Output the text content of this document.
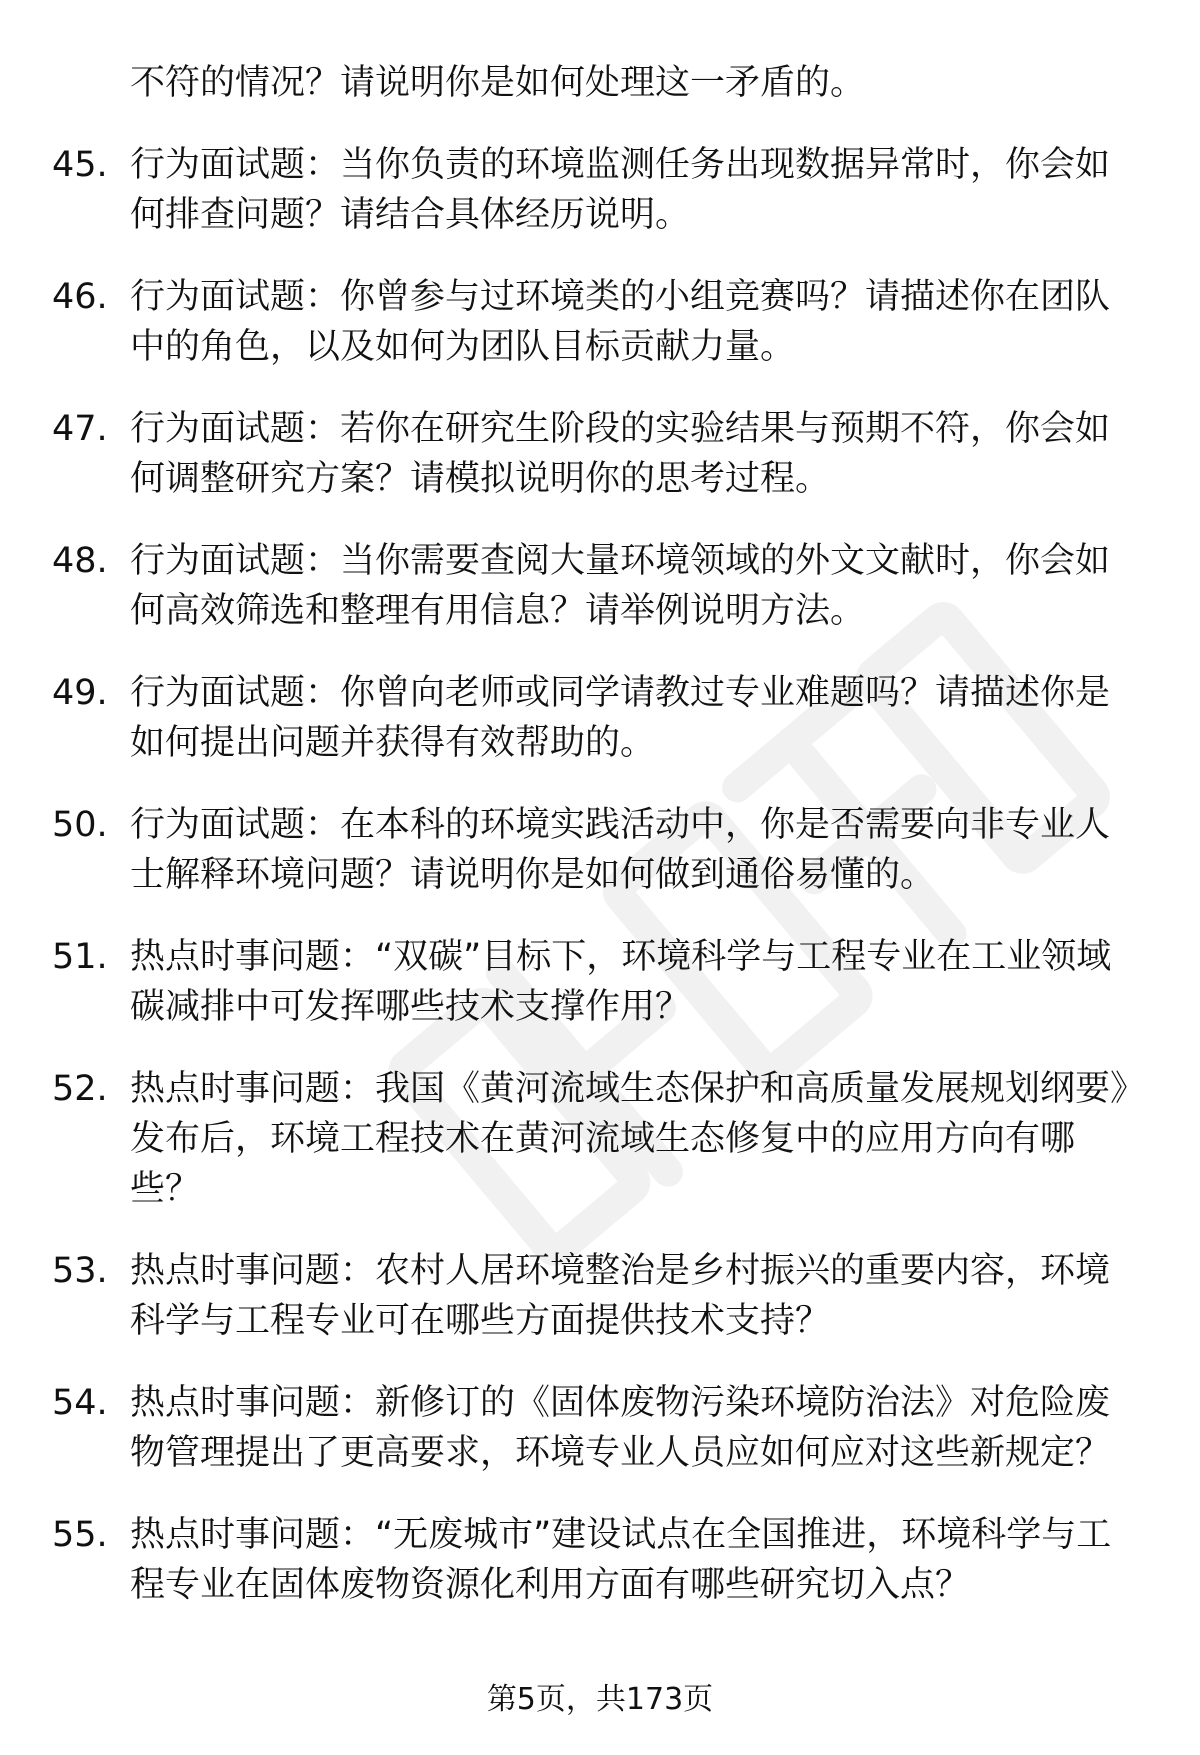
不符的情况？请说明你是如何处理这一矛盾的。

45. 行为面试题：当你负责的环境监测任务出现数据异常时，你会如何排查问题？请结合具体经历说明。
46. 行为面试题：你曾参与过环境类的小组竞赛吗？请描述你在团队中的角色，以及如何为团队目标贡献力量。
47. 行为面试题：若你在研究生阶段的实验结果与预期不符，你会如何调整研究方案？请模拟说明你的思考过程。
48. 行为面试题：当你需要查阅大量环境领域的外文文献时，你会如何高效筛选和整理有用信息？请举例说明方法。
49. 行为面试题：你曾向老师或同学请教过专业难题吗？请描述你是如何提出问题并获得有效帮助的。
50. 行为面试题：在本科的环境实践活动中，你是否需要向非专业人士解释环境问题？请说明你是如何做到通俗易懂的。
51. 热点时事问题：“双碳”目标下，环境科学与工程专业在工业领域碳减排中可发挥哪些技术支撑作用？
52. 热点时事问题：我国《黄河流域生态保护和高质量发展规划纲要》发布后，环境工程技术在黄河流域生态修复中的应用方向有哪些？
53. 热点时事问题：农村人居环境整治是乡村振兴的重要内容，环境科学与工程专业可在哪些方面提供技术支持？
54. 热点时事问题：新修订的《固体废物污染环境防治法》对危险废物管理提出了更高要求，环境专业人员应如何应对这些新规定？
55. 热点时事问题：“无废城市”建设试点在全国推进，环境科学与工程专业在固体废物资源化利用方面有哪些研究切入点？
第5页，共173页
